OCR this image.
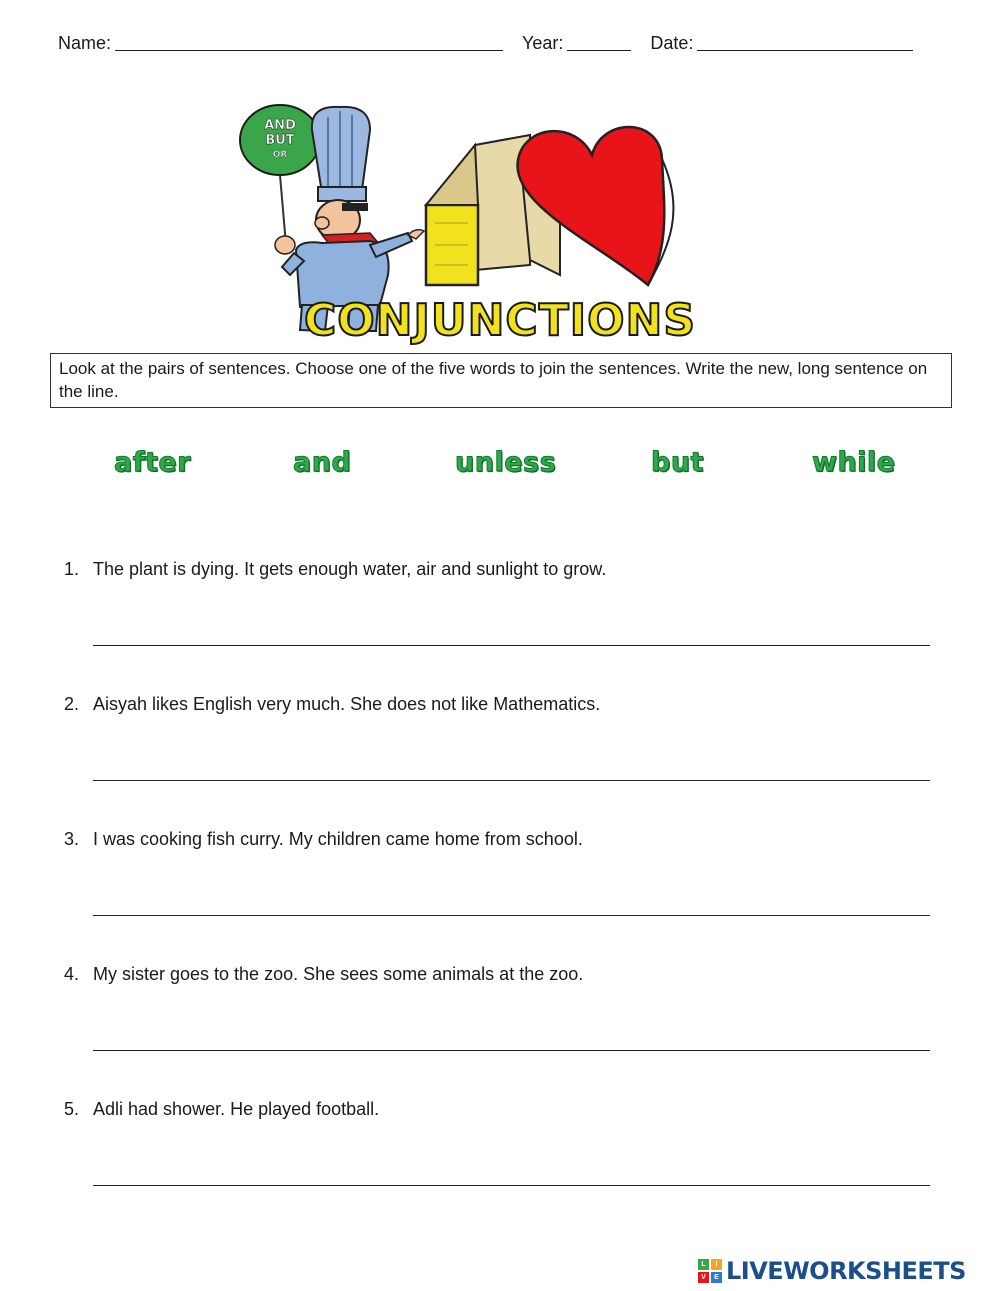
Name:	Year:	Date:
AND
BUT
OR
CONJUNCTIONS
Look at the pairs of sentences. Choose one of the five words to join the sentences. Write the new, long sentence on the line.
after	and	unless	but	while
1. The plant is dying. It gets enough water, air and sunlight to grow.
2. Aisyah likes English very much. She does not like Mathematics.
3. I was cooking fish curry. My children came home from school.
4. My sister goes to the zoo. She sees some animals at the zoo.
5. Adli had shower. He played football.
L	I
V	E LIVEWORKSHEETS
